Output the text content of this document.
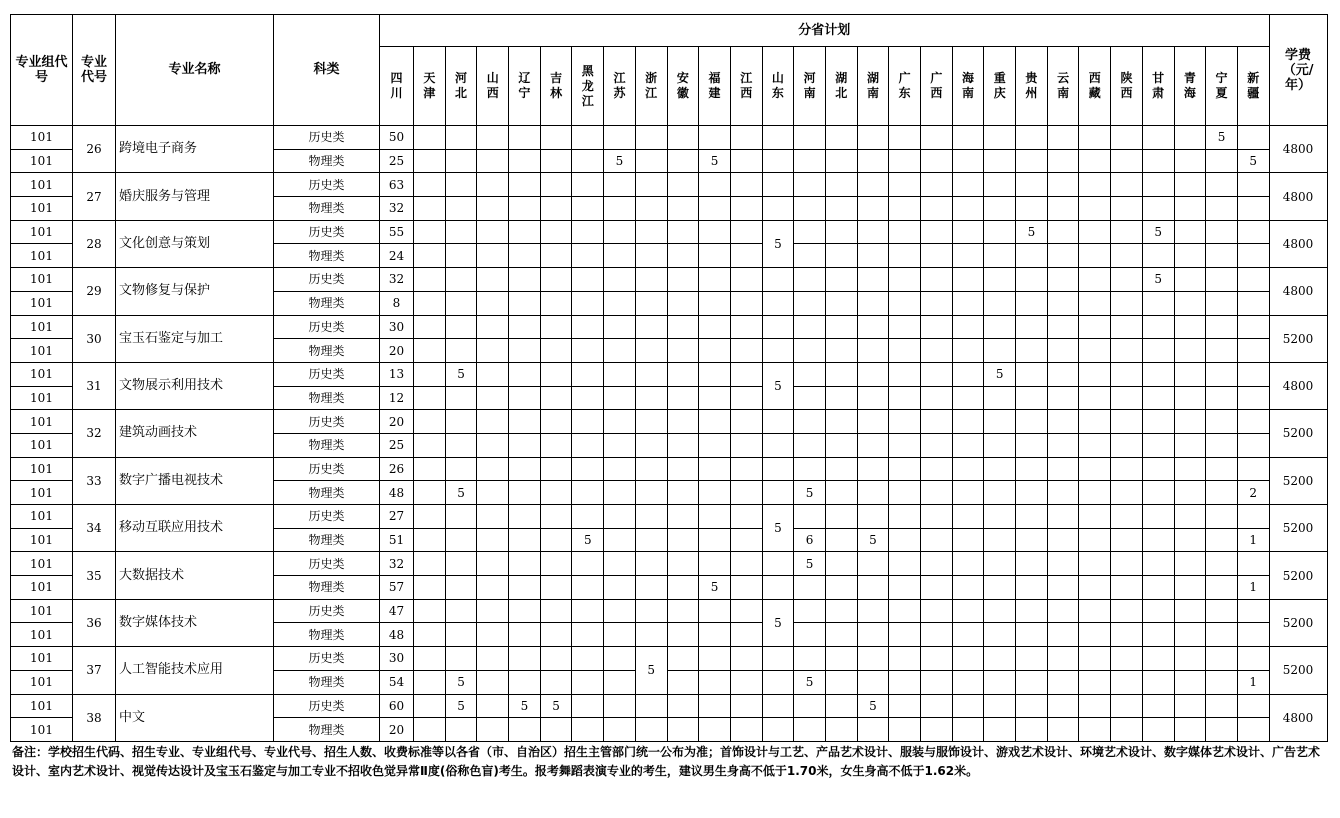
专业组代号	专业代号	专业名称	科类	分省计划																												学费（元/年）
				四川	天津	河北	山西	辽宁	吉林	黑龙江	江苏	浙江	安徽	福建	江西	山东	河南	湖北	湖南	广东	广西	海南	重庆	贵州	云南	西藏	陕西	甘肃	青海	宁夏	新疆	
101	26	跨境电子商务	历史类	50																										5		4800
101			物理类	25							5			5																	5	
101	27	婚庆服务与管理	历史类	63																												4800
101			物理类	32																												
101	28	文化创意与策划	历史类	55												5								5				5				4800
101			物理类	24																												
101	29	文物修复与保护	历史类	32																								5				4800
101			物理类	8																												
101	30	宝玉石鉴定与加工	历史类	30																												5200
101			物理类	20																												
101	31	文物展示利用技术	历史类	13		5										5							5									4800
101			物理类	12																												
101	32	建筑动画技术	历史类	20																												5200
101			物理类	25																												
101	33	数字广播电视技术	历史类	26																												5200
101			物理类	48		5											5														2	
101	34	移动互联应用技术	历史类	27												5																5200
101			物理类	51						5							6		5												1	
101	35	大数据技术	历史类	32													5															5200
101			物理类	57										5																	1	
101	36	数字媒体技术	历史类	47												5																5200
101			物理类	48																												
101	37	人工智能技术应用	历史类	30								5																				5200
101			物理类	54		5											5														1	
101	38	中文	历史类	60		5		5	5										5													4800
101			物理类	20																												
备注：学校招生代码、招生专业、专业组代号、专业代号、招生人数、收费标准等以各省（市、自治区）招生主管部门统一公布为准；首饰设计与工艺、产品艺术设计、服装与服饰设计、游戏艺术设计、环境艺术设计、数字媒体艺术设计、广告艺术设计、室内艺术设计、视觉传达设计及宝玉石鉴定与加工专业不招收色觉异常Ⅱ度(俗称色盲)考生。报考舞蹈表演专业的考生，建议男生身高不低于1.70米，女生身高不低于1.62米。
